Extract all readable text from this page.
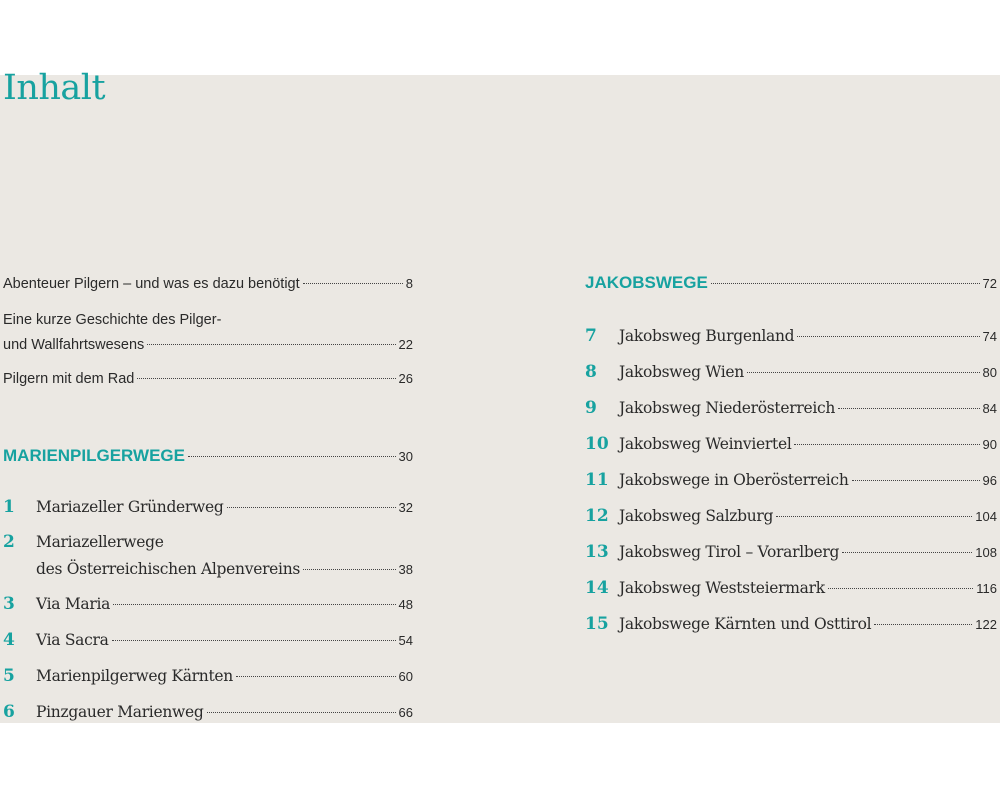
Inhalt
Abenteuer Pilgern – und was es dazu benötigt	8
Eine kurze Geschichte des Pilger-
und Wallfahrtswesens	22
Pilgern mit dem Rad	26
MARIENPILGERWEGE	30
1 Mariazeller Gründerweg	32
2 Mariazellerwege
des Österreichischen Alpenvereins	38
3 Via Maria	48
4 Via Sacra	54
5 Marienpilgerweg Kärnten	60
6 Pinzgauer Marienweg	66
JAKOBSWEGE	72
7 Jakobsweg Burgenland	74
8 Jakobsweg Wien	80
9 Jakobsweg Niederösterreich	84
10 Jakobsweg Weinviertel	90
11 Jakobswege in Oberösterreich	96
12 Jakobsweg Salzburg	104
13 Jakobsweg Tirol – Vorarlberg	108
14 Jakobsweg Weststeiermark	116
15 Jakobswege Kärnten und Osttirol	122
